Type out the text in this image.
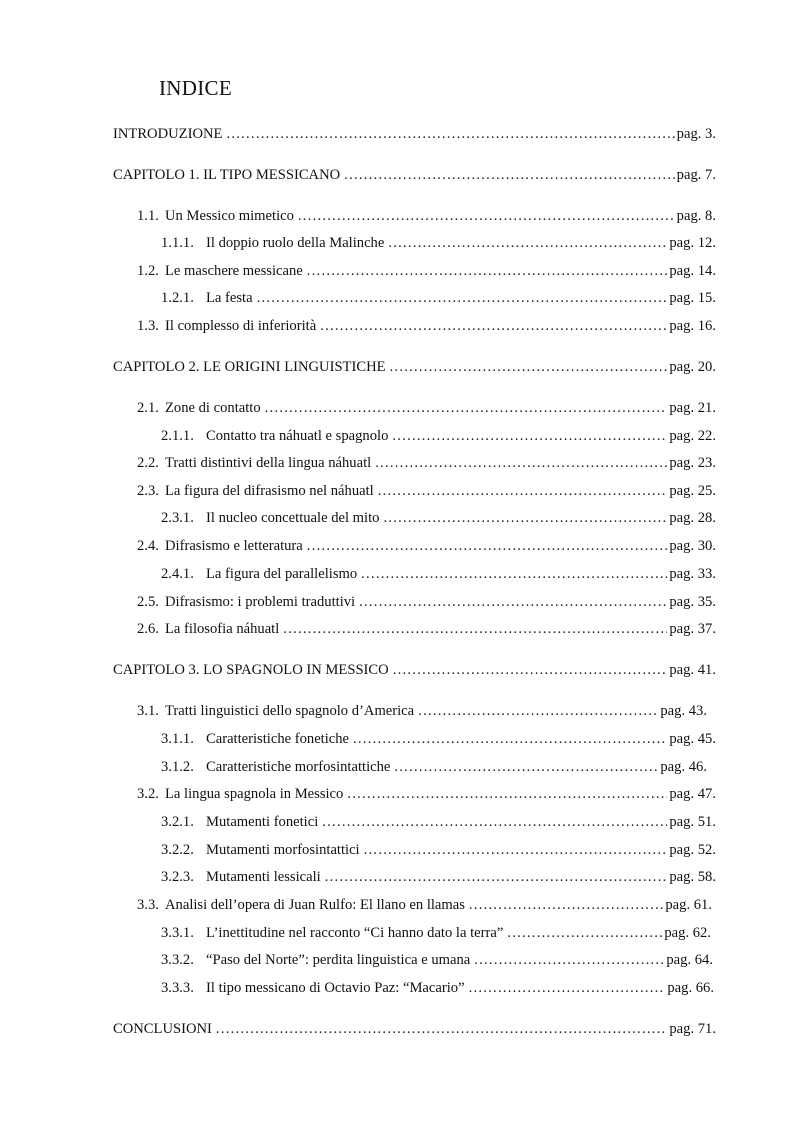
INDICE
INTRODUZIONE . . .	pag. 3.
CAPITOLO 1. IL TIPO MESSICANO . . .	pag. 7.
1.1. Un Messico mimetico . . .	pag. 8.
1.1.1. Il doppio ruolo della Malinche . . .	pag. 12.
1.2. Le maschere messicane . . .	pag. 14.
1.2.1. La festa . . .	pag. 15.
1.3. Il complesso di inferiorità . . .	pag. 16.
CAPITOLO 2. LE ORIGINI LINGUISTICHE . . .	pag. 20.
2.1. Zone di contatto . . .	pag. 21.
2.1.1. Contatto tra náhuatl e spagnolo . . .	pag. 22.
2.2. Tratti distintivi della lingua náhuatl . . .	pag. 23.
2.3. La figura del difrasismo nel náhuatl . . .	pag. 25.
2.3.1. Il nucleo concettuale del mito . . .	pag. 28.
2.4. Difrasismo e letteratura . . .	pag. 30.
2.4.1. La figura del parallelismo . . .	pag. 33.
2.5. Difrasismo: i problemi traduttivi . . .	pag. 35.
2.6. La filosofia náhuatl . . .	pag. 37.
CAPITOLO 3. LO SPAGNOLO IN MESSICO . . .	pag. 41.
3.1. Tratti linguistici dello spagnolo d’America . . .	pag. 43.
3.1.1. Caratteristiche fonetiche . . .	pag. 45.
3.1.2. Caratteristiche morfosintattiche . . .	pag. 46.
3.2. La lingua spagnola in Messico . . .	pag. 47.
3.2.1. Mutamenti fonetici . . .	pag. 51.
3.2.2. Mutamenti morfosintattici . . .	pag. 52.
3.2.3. Mutamenti lessicali . . .	pag. 58.
3.3. Analisi dell’opera di Juan Rulfo: El llano en llamas . . .	pag. 61.
3.3.1. L’inettitudine nel racconto “Ci hanno dato la terra” . . .	pag. 62.
3.3.2. “Paso del Norte”: perdita linguistica e umana . . .	pag. 64.
3.3.3. Il tipo messicano di Octavio Paz: “Macario” . . .	pag. 66.
CONCLUSIONI . . .	pag. 71.
